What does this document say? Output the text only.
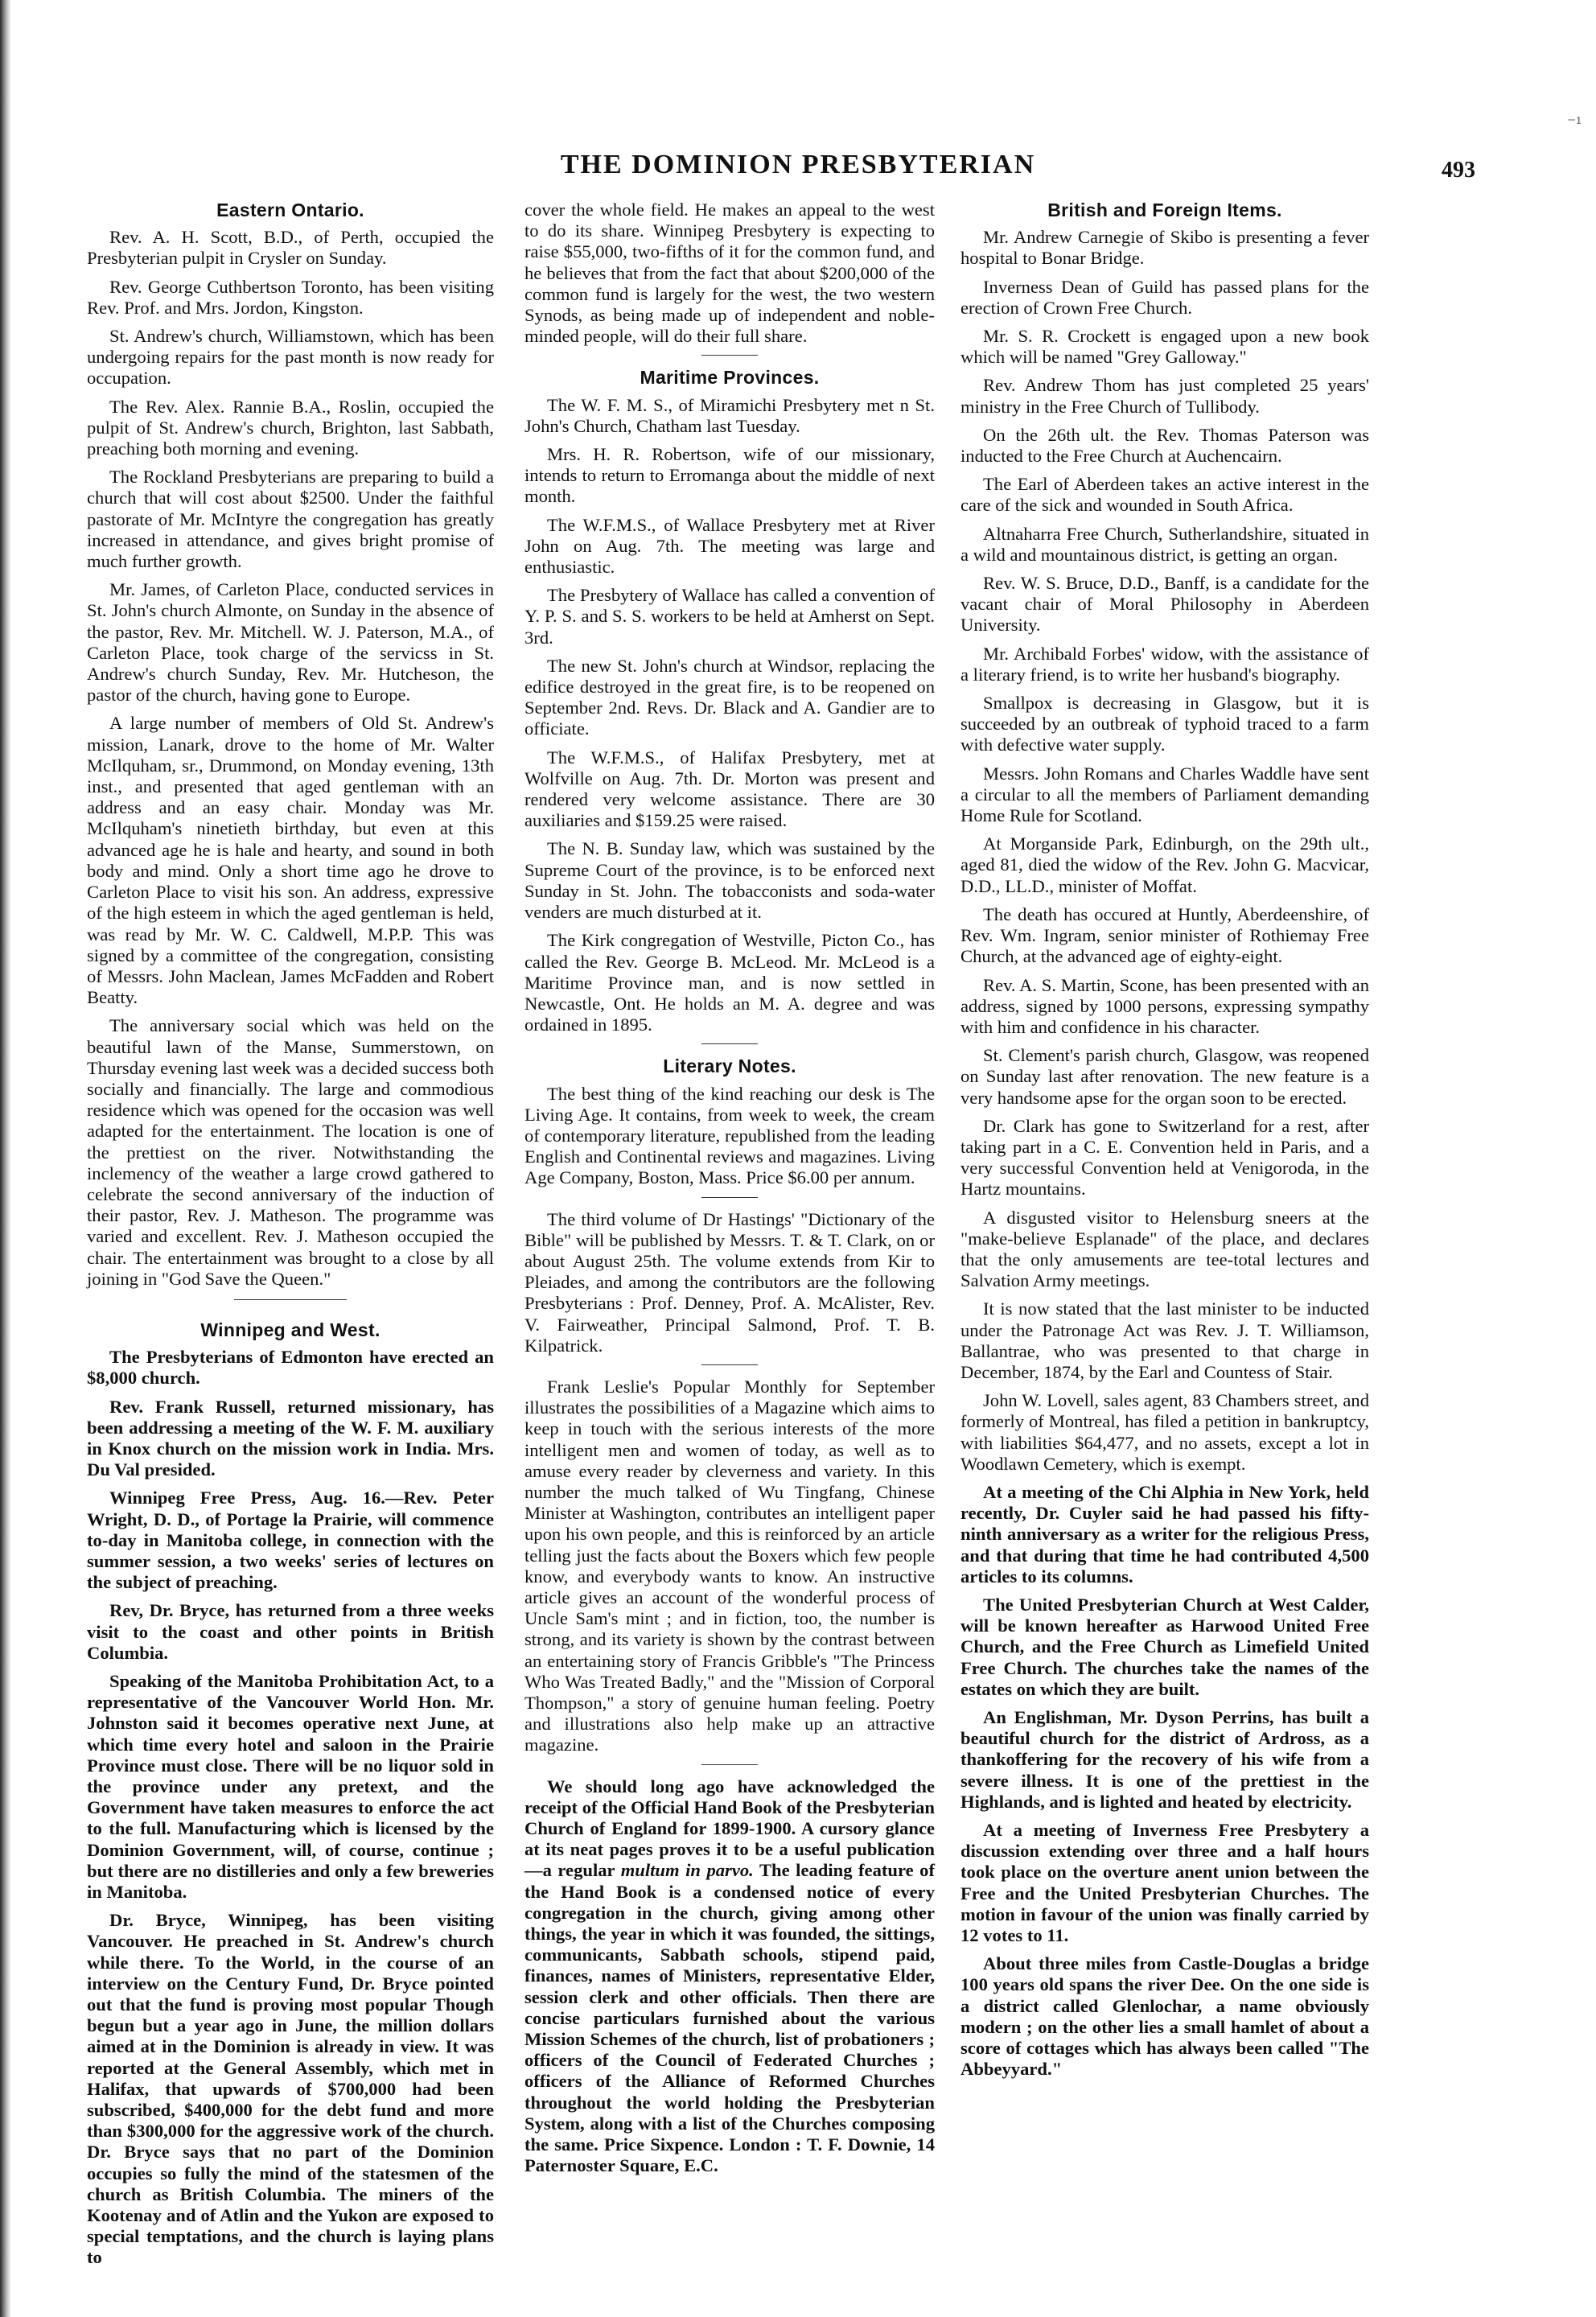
⁻¹
THE DOMINION PRESBYTERIAN	493
Eastern Ontario.

Rev. A. H. Scott, B.D., of Perth, occupied the Presbyterian pulpit in Crysler on Sunday.

Rev. George Cuthbertson Toronto, has been visiting Rev. Prof. and Mrs. Jordon, Kingston.

St. Andrew's church, Williamstown, which has been undergoing repairs for the past month is now ready for occupation.

The Rev. Alex. Rannie B.A., Roslin, occupied the pulpit of St. Andrew's church, Brighton, last Sabbath, preaching both morning and evening.

The Rockland Presbyterians are preparing to build a church that will cost about $2500. Under the faithful pastorate of Mr. McIntyre the congregation has greatly increased in attendance, and gives bright promise of much further growth.

Mr. James, of Carleton Place, conducted services in St. John's church Almonte, on Sunday in the absence of the pastor, Rev. Mr. Mitchell. W. J. Paterson, M.A., of Carleton Place, took charge of the servicss in St. Andrew's church Sunday, Rev. Mr. Hutcheson, the pastor of the church, having gone to Europe.

A large number of members of Old St. Andrew's mission, Lanark, drove to the home of Mr. Walter McIlquham, sr., Drummond, on Monday evening, 13th inst., and presented that aged gentleman with an address and an easy chair. Monday was Mr. McIlquham's ninetieth birthday, but even at this advanced age he is hale and hearty, and sound in both body and mind. Only a short time ago he drove to Carleton Place to visit his son. An address, expressive of the high esteem in which the aged gentleman is held, was read by Mr. W. C. Caldwell, M.P.P. This was signed by a committee of the congregation, consisting of Messrs. John Maclean, James McFadden and Robert Beatty.

The anniversary social which was held on the beautiful lawn of the Manse, Summerstown, on Thursday evening last week was a decided success both socially and financially. The large and commodious residence which was opened for the occasion was well adapted for the entertainment. The location is one of the prettiest on the river. Notwithstanding the inclemency of the weather a large crowd gathered to celebrate the second anniversary of the induction of their pastor, Rev. J. Matheson. The programme was varied and excellent. Rev. J. Matheson occupied the chair. The entertainment was brought to a close by all joining in "God Save the Queen."

Winnipeg and West.

The Presbyterians of Edmonton have erected an $8,000 church.

Rev. Frank Russell, returned missionary, has been addressing a meeting of the W. F. M. auxiliary in Knox church on the mission work in India. Mrs. Du Val presided.

Winnipeg Free Press, Aug. 16.—Rev. Peter Wright, D. D., of Portage la Prairie, will commence to-day in Manitoba college, in connection with the summer session, a two weeks' series of lectures on the subject of preaching.

Rev, Dr. Bryce, has returned from a three weeks visit to the coast and other points in British Columbia.

Speaking of the Manitoba Prohibitation Act, to a representative of the Vancouver World Hon. Mr. Johnston said it becomes operative next June, at which time every hotel and saloon in the Prairie Province must close. There will be no liquor sold in the province under any pretext, and the Government have taken measures to enforce the act to the full. Manufacturing which is licensed by the Dominion Government, will, of course, continue ; but there are no distilleries and only a few breweries in Manitoba.

Dr. Bryce, Winnipeg, has been visiting Vancouver. He preached in St. Andrew's church while there. To the World, in the course of an interview on the Century Fund, Dr. Bryce pointed out that the fund is proving most popular Though begun but a year ago in June, the million dollars aimed at in the Dominion is already in view. It was reported at the General Assembly, which met in Halifax, that upwards of $700,000 had been subscribed, $400,000 for the debt fund and more than $300,000 for the aggressive work of the church. Dr. Bryce says that no part of the Dominion occupies so fully the mind of the statesmen of the church as British Columbia. The miners of the Kootenay and of Atlin and the Yukon are exposed to special temptations, and the church is laying plans to

cover the whole field. He makes an appeal to the west to do its share. Winnipeg Presbytery is expecting to raise $55,000, two-fifths of it for the common fund, and he believes that from the fact that about $200,000 of the common fund is largely for the west, the two western Synods, as being made up of independent and noble-minded people, will do their full share.

Maritime Provinces.

The W. F. M. S., of Miramichi Presbytery met n St. John's Church, Chatham last Tuesday.

Mrs. H. R. Robertson, wife of our missionary, intends to return to Erromanga about the middle of next month.

The W.F.M.S., of Wallace Presbytery met at River John on Aug. 7th. The meeting was large and enthusiastic.

The Presbytery of Wallace has called a convention of Y. P. S. and S. S. workers to be held at Amherst on Sept. 3rd.

The new St. John's church at Windsor, replacing the edifice destroyed in the great fire, is to be reopened on September 2nd. Revs. Dr. Black and A. Gandier are to officiate.

The W.F.M.S., of Halifax Presbytery, met at Wolfville on Aug. 7th. Dr. Morton was present and rendered very welcome assistance. There are 30 auxiliaries and $159.25 were raised.

The N. B. Sunday law, which was sustained by the Supreme Court of the province, is to be enforced next Sunday in St. John. The tobacconists and soda-water venders are much disturbed at it.

The Kirk congregation of Westville, Picton Co., has called the Rev. George B. McLeod. Mr. McLeod is a Maritime Province man, and is now settled in Newcastle, Ont. He holds an M. A. degree and was ordained in 1895.

Literary Notes.

The best thing of the kind reaching our desk is The Living Age. It contains, from week to week, the cream of contemporary literature, republished from the leading English and Continental reviews and magazines. Living Age Company, Boston, Mass. Price $6.00 per annum.

The third volume of Dr Hastings' "Dictionary of the Bible" will be published by Messrs. T. & T. Clark, on or about August 25th. The volume extends from Kir to Pleiades, and among the contributors are the following Presbyterians : Prof. Denney, Prof. A. McAlister, Rev. V. Fairweather, Principal Salmond, Prof. T. B. Kilpatrick.

Frank Leslie's Popular Monthly for September illustrates the possibilities of a Magazine which aims to keep in touch with the serious interests of the more intelligent men and women of today, as well as to amuse every reader by cleverness and variety. In this number the much talked of Wu Tingfang, Chinese Minister at Washington, contributes an intelligent paper upon his own people, and this is reinforced by an article telling just the facts about the Boxers which few people know, and everybody wants to know. An instructive article gives an account of the wonderful process of Uncle Sam's mint ; and in fiction, too, the number is strong, and its variety is shown by the contrast between an entertaining story of Francis Gribble's "The Princess Who Was Treated Badly," and the "Mission of Corporal Thompson," a story of genuine human feeling. Poetry and illustrations also help make up an attractive magazine.

We should long ago have acknowledged the receipt of the Official Hand Book of the Presbyterian Church of England for 1899-1900. A cursory glance at its neat pages proves it to be a useful publication—a regular multum in parvo. The leading feature of the Hand Book is a condensed notice of every congregation in the church, giving among other things, the year in which it was founded, the sittings, communicants, Sabbath schools, stipend paid, finances, names of Ministers, representative Elder, session clerk and other officials. Then there are concise particulars furnished about the various Mission Schemes of the church, list of probationers ; officers of the Council of Federated Churches ; officers of the Alliance of Reformed Churches throughout the world holding the Presbyterian System, along with a list of the Churches composing the same. Price Sixpence. London : T. F. Downie, 14 Paternoster Square, E.C.

British and Foreign Items.

Mr. Andrew Carnegie of Skibo is presenting a fever hospital to Bonar Bridge.

Inverness Dean of Guild has passed plans for the erection of Crown Free Church.

Mr. S. R. Crockett is engaged upon a new book which will be named "Grey Galloway."

Rev. Andrew Thom has just completed 25 years' ministry in the Free Church of Tullibody.

On the 26th ult. the Rev. Thomas Paterson was inducted to the Free Church at Auchencairn.

The Earl of Aberdeen takes an active interest in the care of the sick and wounded in South Africa.

Altnaharra Free Church, Sutherlandshire, situated in a wild and mountainous district, is getting an organ.

Rev. W. S. Bruce, D.D., Banff, is a candidate for the vacant chair of Moral Philosophy in Aberdeen University.

Mr. Archibald Forbes' widow, with the assistance of a literary friend, is to write her husband's biography.

Smallpox is decreasing in Glasgow, but it is succeeded by an outbreak of typhoid traced to a farm with defective water supply.

Messrs. John Romans and Charles Waddle have sent a circular to all the members of Parliament demanding Home Rule for Scotland.

At Morganside Park, Edinburgh, on the 29th ult., aged 81, died the widow of the Rev. John G. Macvicar, D.D., LL.D., minister of Moffat.

The death has occured at Huntly, Aberdeenshire, of Rev. Wm. Ingram, senior minister of Rothiemay Free Church, at the advanced age of eighty-eight.

Rev. A. S. Martin, Scone, has been presented with an address, signed by 1000 persons, expressing sympathy with him and confidence in his character.

St. Clement's parish church, Glasgow, was reopened on Sunday last after renovation. The new feature is a very handsome apse for the organ soon to be erected.

Dr. Clark has gone to Switzerland for a rest, after taking part in a C. E. Convention held in Paris, and a very successful Convention held at Venigoroda, in the Hartz mountains.

A disgusted visitor to Helensburg sneers at the "make-believe Esplanade" of the place, and declares that the only amusements are tee-total lectures and Salvation Army meetings.

It is now stated that the last minister to be inducted under the Patronage Act was Rev. J. T. Williamson, Ballantrae, who was presented to that charge in December, 1874, by the Earl and Countess of Stair.

John W. Lovell, sales agent, 83 Chambers street, and formerly of Montreal, has filed a petition in bankruptcy, with liabilities $64,477, and no assets, except a lot in Woodlawn Cemetery, which is exempt.

At a meeting of the Chi Alphia in New York, held recently, Dr. Cuyler said he had passed his fifty-ninth anniversary as a writer for the religious Press, and that during that time he had contributed 4,500 articles to its columns.

The United Presbyterian Church at West Calder, will be known hereafter as Harwood United Free Church, and the Free Church as Limefield United Free Church. The churches take the names of the estates on which they are built.

An Englishman, Mr. Dyson Perrins, has built a beautiful church for the district of Ardross, as a thankoffering for the recovery of his wife from a severe illness. It is one of the prettiest in the Highlands, and is lighted and heated by electricity.

At a meeting of Inverness Free Presbytery a discussion extending over three and a half hours took place on the overture anent union between the Free and the United Presbyterian Churches. The motion in favour of the union was finally carried by 12 votes to 11.

About three miles from Castle-Douglas a bridge 100 years old spans the river Dee. On the one side is a district called Glenlochar, a name obviously modern ; on the other lies a small hamlet of about a score of cottages which has always been called "The Abbeyyard."
